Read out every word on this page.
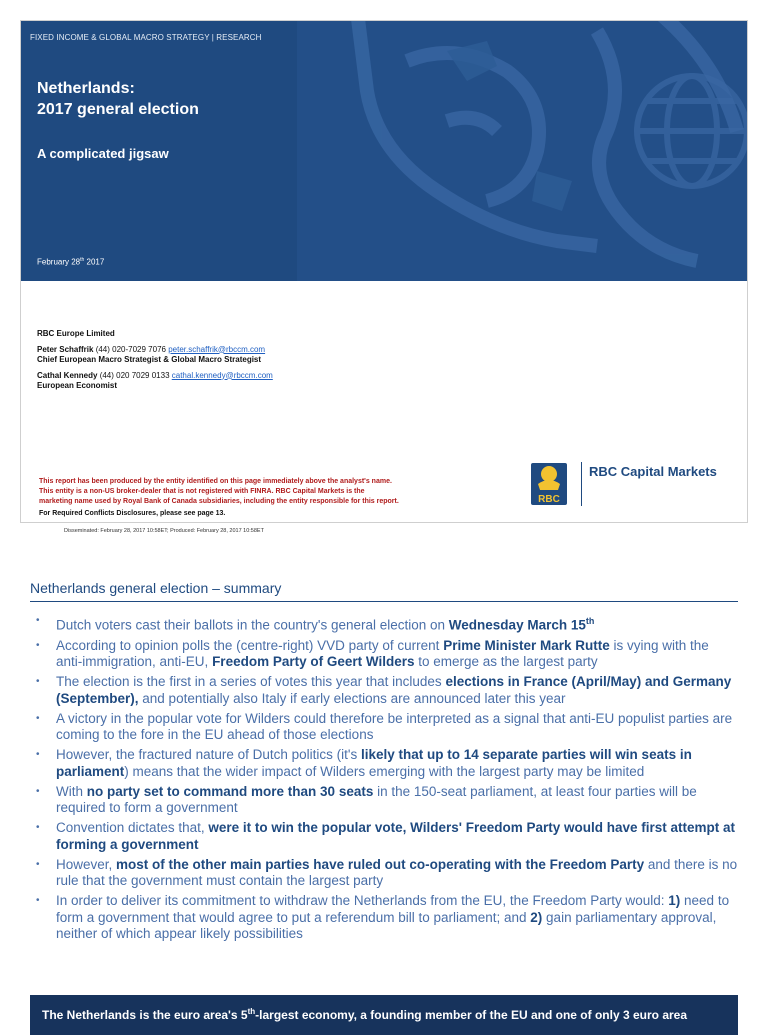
FIXED INCOME & GLOBAL MACRO STRATEGY | RESEARCH
Netherlands:
2017 general election
A complicated jigsaw
February 28th 2017
RBC Europe Limited
Peter Schaffrik (44) 020-7029 7076 peter.schaffrik@rbccm.com
Chief European Macro Strategist & Global Macro Strategist
Cathal Kennedy (44) 020 7029 0133 cathal.kennedy@rbccm.com
European Economist
This report has been produced by the entity identified on this page immediately above the analyst's name.
This entity is a non-US broker-dealer that is not registered with FINRA. RBC Capital Markets is the
marketing name used by Royal Bank of Canada subsidiaries, including the entity responsible for this report.
For Required Conflicts Disclosures, please see page 13.
RBC
RBC Capital Markets
Disseminated: February 28, 2017 10:58ET; Produced: February 28, 2017 10:58ET
Netherlands general election – summary
• Dutch voters cast their ballots in the country's general election on Wednesday March 15th
• According to opinion polls the (centre-right) VVD party of current Prime Minister Mark Rutte is vying with the anti-immigration, anti-EU, Freedom Party of Geert Wilders to emerge as the largest party
• The election is the first in a series of votes this year that includes elections in France (April/May) and Germany (September), and potentially also Italy if early elections are announced later this year
• A victory in the popular vote for Wilders could therefore be interpreted as a signal that anti-EU populist parties are coming to the fore in the EU ahead of those elections
• However, the fractured nature of Dutch politics (it's likely that up to 14 separate parties will win seats in parliament) means that the wider impact of Wilders emerging with the largest party may be limited
• With no party set to command more than 30 seats in the 150-seat parliament, at least four parties will be required to form a government
• Convention dictates that, were it to win the popular vote, Wilders' Freedom Party would have first attempt at forming a government
• However, most of the other main parties have ruled out co-operating with the Freedom Party and there is no rule that the government must contain the largest party
• In order to deliver its commitment to withdraw the Netherlands from the EU, the Freedom Party would: 1) need to form a government that would agree to put a referendum bill to parliament; and 2) gain parliamentary approval, neither of which appear likely possibilities
The Netherlands is the euro area's 5th-largest economy, a founding member of the EU and one of only 3 euro area
